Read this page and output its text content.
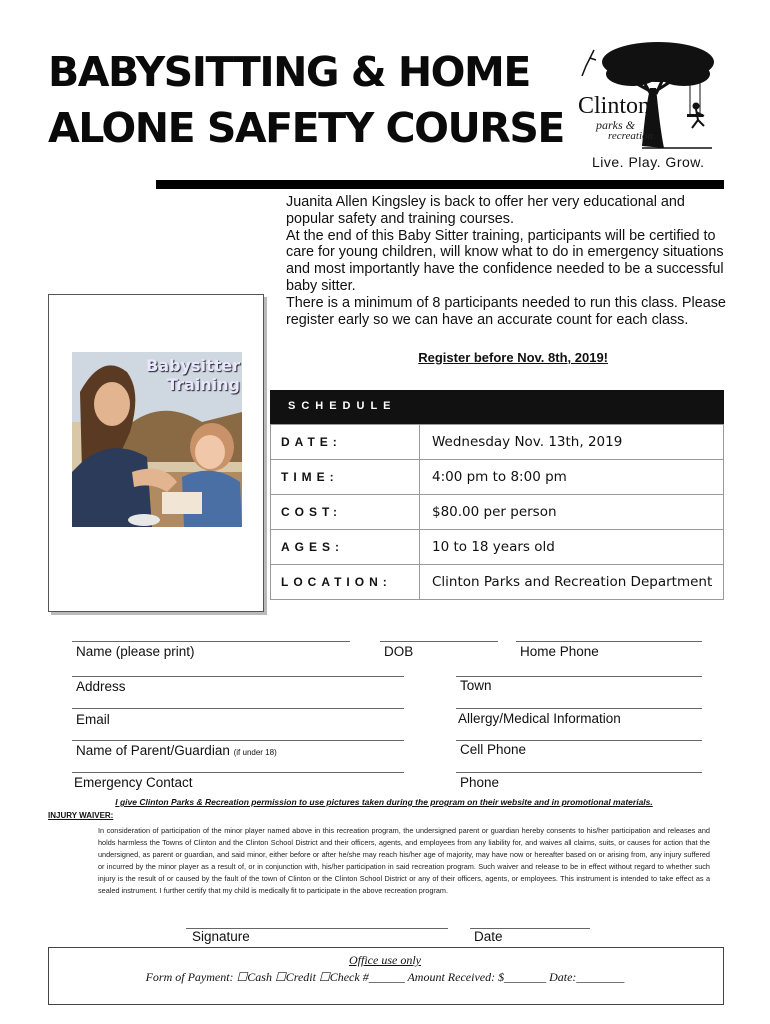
BABYSITTING & HOME
ALONE SAFETY COURSE Clinton
parks &
recreation
Live. Play. Grow.
Babysitter
Training

Juanita Allen Kingsley is back to offer her very educational and popular safety and training courses.

At the end of this Baby Sitter training, participants will be certified to care for young children, will know what to do in emergency situations and most importantly have the confidence needed to be a successful baby sitter.

There is a minimum of 8 participants needed to run this class. Please register early so we can have an accurate count for each class.

Register before Nov. 8th, 2019!
SCHEDULE
DATE:	Wednesday Nov. 13th, 2019
TIME:	4:00 pm to 8:00 pm
COST:	$80.00 per person
AGES:	10 to 18 years old
LOCATION:	Clinton Parks and Recreation Department
Name (please print)	DOB	Home Phone
Address	Town
Email	Allergy/Medical Information
Name of Parent/Guardian (if under 18)	Cell Phone
Emergency Contact	Phone
I give Clinton Parks & Recreation permission to use pictures taken during the program on their website and in promotional materials.
INJURY WAIVER:
In consideration of participation of the minor player named above in this recreation program, the undersigned parent or guardian hereby consents to his/her participation and releases and holds harmless the Towns of Clinton and the Clinton School District and their officers, agents, and employees from any liability for, and waives all claims, suits, or causes for action that the undersigned, as parent or guardian, and said minor, either before or after he/she may reach his/her age of majority, may have now or hereafter based on or arising from, any injury suffered or incurred by the minor player as a result of, or in conjunction with, his/her participation in said recreation program. Such waiver and release to be in effect without regard to whether such injury is the result of or caused by the fault of the town of Clinton or the Clinton School District or any of their officers, agents, or employees. This instrument is intended to take effect as a sealed instrument. I further certify that my child is medically fit to participate in the above recreation program.
Signature	Date
Office use only
Form of Payment: ☐Cash ☐Credit ☐Check #______ Amount Received: $_______ Date:________
